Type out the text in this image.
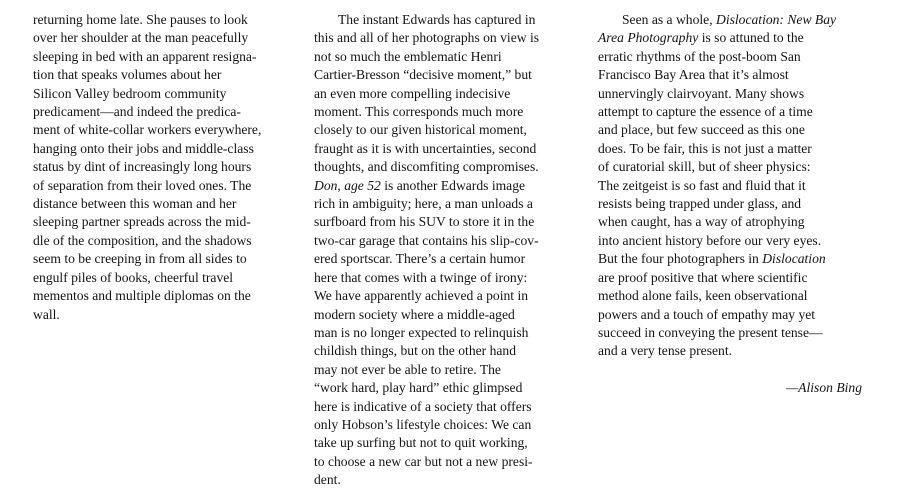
returning home late. She pauses to look
over her shoulder at the man peacefully
sleeping in bed with an apparent resigna-
tion that speaks volumes about her
Silicon Valley bedroom community
predicament—and indeed the predica-
ment of white-collar workers everywhere,
hanging onto their jobs and middle-class
status by dint of increasingly long hours
of separation from their loved ones. The
distance between this woman and her
sleeping partner spreads across the mid-
dle of the composition, and the shadows
seem to be creeping in from all sides to
engulf piles of books, cheerful travel
mementos and multiple diplomas on the
wall.
The instant Edwards has captured in
this and all of her photographs on view is
not so much the emblematic Henri
Cartier-Bresson “decisive moment,” but
an even more compelling indecisive
moment. This corresponds much more
closely to our given historical moment,
fraught as it is with uncertainties, second
thoughts, and discomfiting compromises.
Don, age 52 is another Edwards image
rich in ambiguity; here, a man unloads a
surfboard from his SUV to store it in the
two-car garage that contains his slip-cov-
ered sportscar. There’s a certain humor
here that comes with a twinge of irony:
We have apparently achieved a point in
modern society where a middle-aged
man is no longer expected to relinquish
childish things, but on the other hand
may not ever be able to retire. The
“work hard, play hard” ethic glimpsed
here is indicative of a society that offers
only Hobson’s lifestyle choices: We can
take up surfing but not to quit working,
to choose a new car but not a new presi-
dent.
Seen as a whole, Dislocation: New Bay
Area Photography is so attuned to the
erratic rhythms of the post-boom San
Francisco Bay Area that it’s almost
unnervingly clairvoyant. Many shows
attempt to capture the essence of a time
and place, but few succeed as this one
does. To be fair, this is not just a matter
of curatorial skill, but of sheer physics:
The zeitgeist is so fast and fluid that it
resists being trapped under glass, and
when caught, has a way of atrophying
into ancient history before our very eyes.
But the four photographers in Dislocation
are proof positive that where scientific
method alone fails, keen observational
powers and a touch of empathy may yet
succeed in conveying the present tense—
and a very tense present.
—Alison Bing
